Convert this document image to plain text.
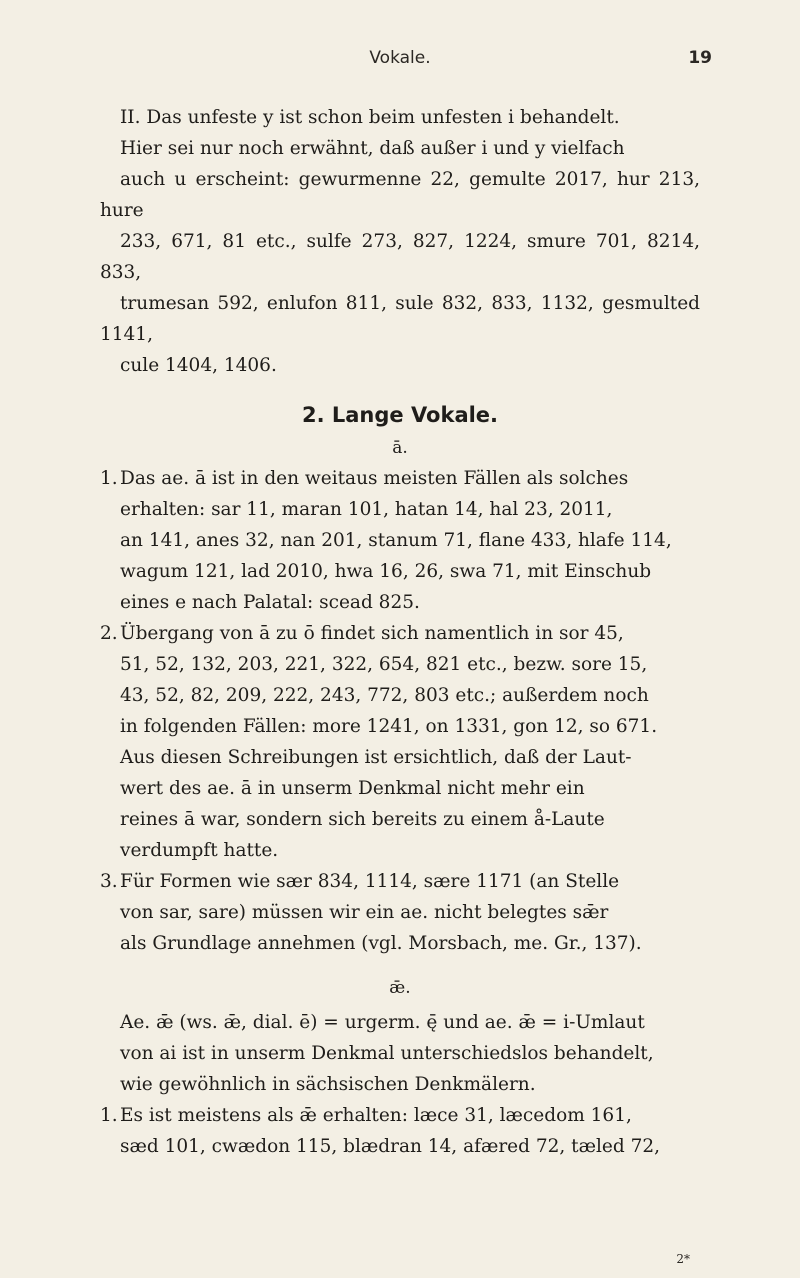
Vokale.	19

II. Das unfeste y ist schon beim unfesten i behandelt.
Hier sei nur noch erwähnt, daß außer i und y vielfach
auch u erscheint: gewurmenne 22, gemulte 2017, hur 213, hure
233, 671, 81 etc., sulfe 273, 827, 1224, smure 701, 8214, 833,
trumesan 592, enlufon 811, sule 832, 833, 1132, gesmulted 1141,
cule 1404, 1406.

2. Lange Vokale.
ā.
1. Das ae. ā ist in den weitaus meisten Fällen als solches
erhalten: sar 11, maran 101, hatan 14, hal 23, 2011,
an 141, anes 32, nan 201, stanum 71, flane 433, hlafe 114,
wagum 121, lad 2010, hwa 16, 26, swa 71, mit Einschub
eines e nach Palatal: scead 825.
2. Übergang von ā zu ō findet sich namentlich in sor 45,
51, 52, 132, 203, 221, 322, 654, 821 etc., bezw. sore 15,
43, 52, 82, 209, 222, 243, 772, 803 etc.; außerdem noch
in folgenden Fällen: more 1241, on 1331, gon 12, so 671.
Aus diesen Schreibungen ist ersichtlich, daß der Laut-
wert des ae. ā in unserm Denkmal nicht mehr ein
reines ā war, sondern sich bereits zu einem å-Laute
verdumpft hatte.
3. Für Formen wie sær 834, 1114, sære 1171 (an Stelle
von sar, sare) müssen wir ein ae. nicht belegtes sǣr
als Grundlage annehmen (vgl. Morsbach, me. Gr., 137).
ǣ.

Ae. ǣ (ws. ǣ, dial. ē) = urgerm. ę̄ und ae. ǣ = i-Umlaut
von ai ist in unserm Denkmal unterschiedslos behandelt,
wie gewöhnlich in sächsischen Denkmälern.

1. Es ist meistens als ǣ erhalten: læce 31, læcedom 161,
sæd 101, cwædon 115, blædran 14, afæred 72, tæled 72,
2*
